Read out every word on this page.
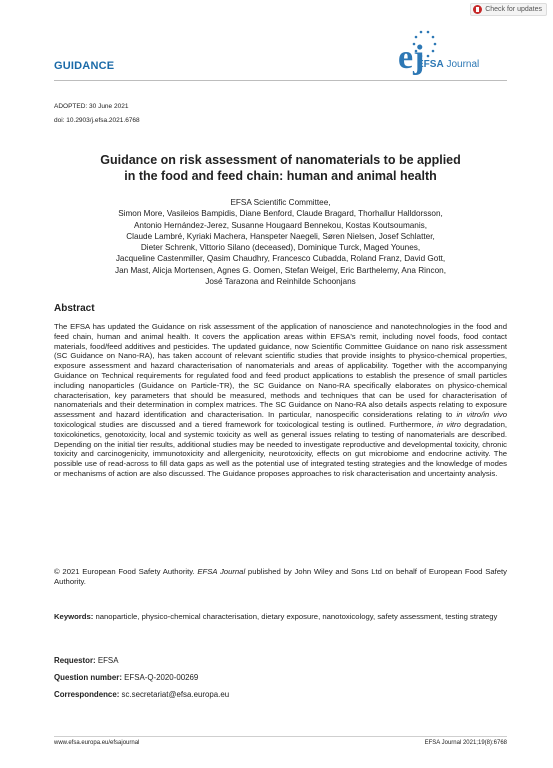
Check for updates
GUIDANCE	ej
EFSA Journal
ADOPTED: 30 June 2021
doi: 10.2903/j.efsa.2021.6768
Guidance on risk assessment of nanomaterials to be applied
in the food and feed chain: human and animal health
EFSA Scientific Committee,
Simon More, Vasileios Bampidis, Diane Benford, Claude Bragard, Thorhallur Halldorsson,
Antonio Hernández-Jerez, Susanne Hougaard Bennekou, Kostas Koutsoumanis,
Claude Lambré, Kyriaki Machera, Hanspeter Naegeli, Søren Nielsen, Josef Schlatter,
Dieter Schrenk, Vittorio Silano (deceased), Dominique Turck, Maged Younes,
Jacqueline Castenmiller, Qasim Chaudhry, Francesco Cubadda, Roland Franz, David Gott,
Jan Mast, Alicja Mortensen, Agnes G. Oomen, Stefan Weigel, Eric Barthelemy, Ana Rincon,
José Tarazona and Reinhilde Schoonjans
Abstract
The EFSA has updated the Guidance on risk assessment of the application of nanoscience and nanotechnologies in the food and feed chain, human and animal health. It covers the application areas within EFSA's remit, including novel foods, food contact materials, food/feed additives and pesticides. The updated guidance, now Scientific Committee Guidance on nano risk assessment (SC Guidance on Nano-RA), has taken account of relevant scientific studies that provide insights to physico-chemical properties, exposure assessment and hazard characterisation of nanomaterials and areas of applicability. Together with the accompanying Guidance on Technical requirements for regulated food and feed product applications to establish the presence of small particles including nanoparticles (Guidance on Particle-TR), the SC Guidance on Nano-RA specifically elaborates on physico-chemical characterisation, key parameters that should be measured, methods and techniques that can be used for characterisation of nanomaterials and their determination in complex matrices. The SC Guidance on Nano-RA also details aspects relating to exposure assessment and hazard identification and characterisation. In particular, nanospecific considerations relating to in vitro/in vivo toxicological studies are discussed and a tiered framework for toxicological testing is outlined. Furthermore, in vitro degradation, toxicokinetics, genotoxicity, local and systemic toxicity as well as general issues relating to testing of nanomaterials are described. Depending on the initial tier results, additional studies may be needed to investigate reproductive and developmental toxicity, chronic toxicity and carcinogenicity, immunotoxicity and allergenicity, neurotoxicity, effects on gut microbiome and endocrine activity. The possible use of read-across to fill data gaps as well as the potential use of integrated testing strategies and the knowledge of modes or mechanisms of action are also discussed. The Guidance proposes approaches to risk characterisation and uncertainty analysis.
© 2021 European Food Safety Authority. EFSA Journal published by John Wiley and Sons Ltd on behalf of European Food Safety Authority.
Keywords: nanoparticle, physico-chemical characterisation, dietary exposure, nanotoxicology, safety assessment, testing strategy
Requestor: EFSA
Question number: EFSA-Q-2020-00269
Correspondence: sc.secretariat@efsa.europa.eu
www.efsa.europa.eu/efsajournal	EFSA Journal 2021;19(8):6768
